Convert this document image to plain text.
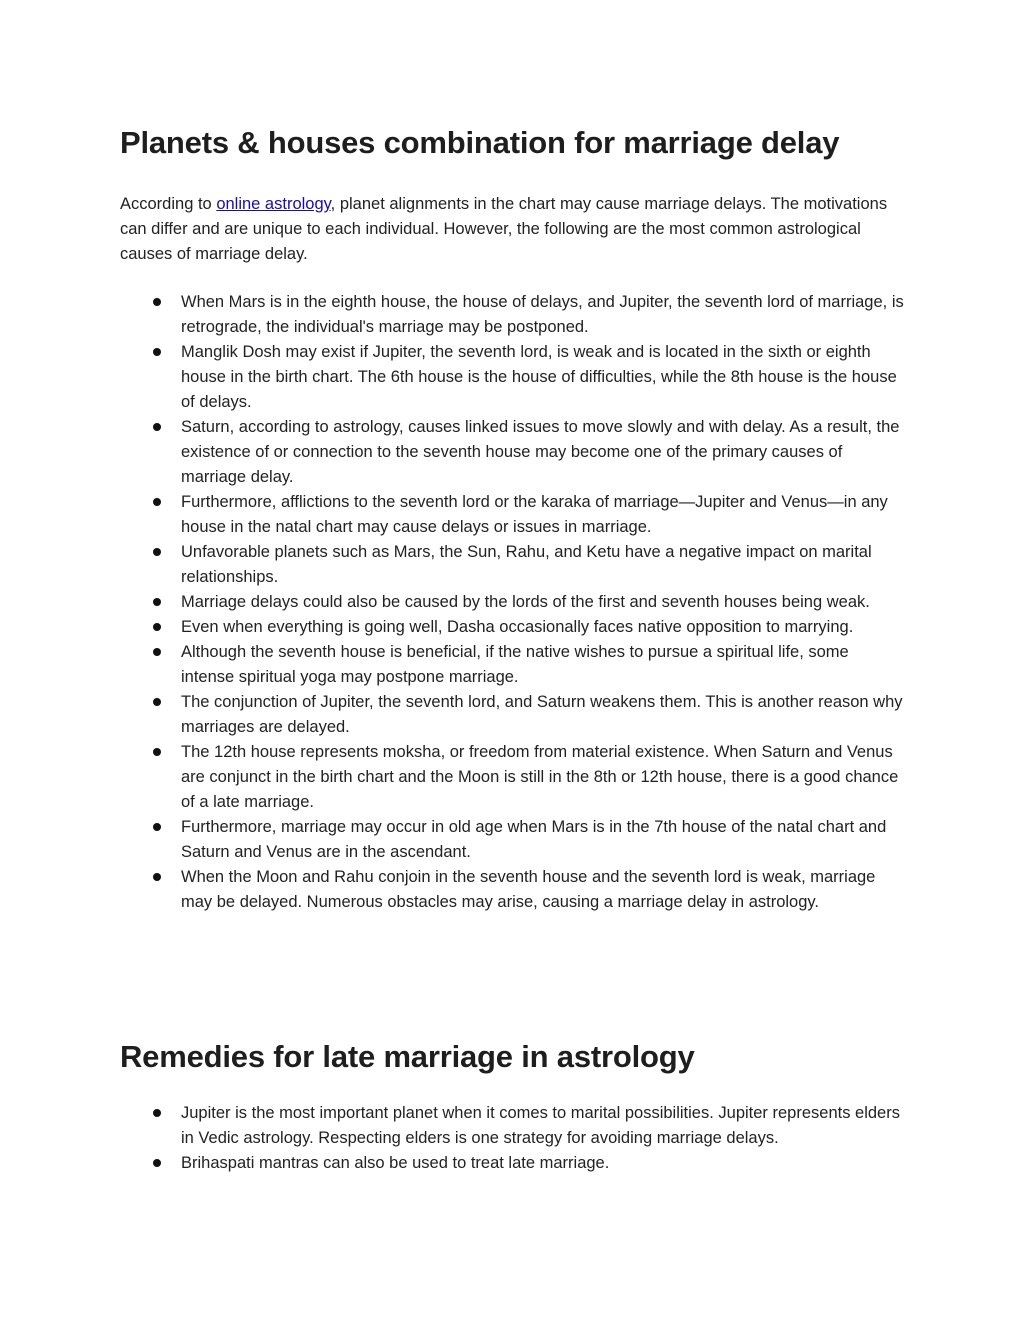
Planets & houses combination for marriage delay

According to online astrology, planet alignments in the chart may cause marriage delays. The motivations can differ and are unique to each individual. However, the following are the most common astrological causes of marriage delay.

When Mars is in the eighth house, the house of delays, and Jupiter, the seventh lord of marriage, is retrograde, the individual's marriage may be postponed.
Manglik Dosh may exist if Jupiter, the seventh lord, is weak and is located in the sixth or eighth house in the birth chart. The 6th house is the house of difficulties, while the 8th house is the house of delays.
Saturn, according to astrology, causes linked issues to move slowly and with delay. As a result, the existence of or connection to the seventh house may become one of the primary causes of marriage delay.
Furthermore, afflictions to the seventh lord or the karaka of marriage—Jupiter and Venus—in any house in the natal chart may cause delays or issues in marriage.
Unfavorable planets such as Mars, the Sun, Rahu, and Ketu have a negative impact on marital relationships.
Marriage delays could also be caused by the lords of the first and seventh houses being weak.
Even when everything is going well, Dasha occasionally faces native opposition to marrying.
Although the seventh house is beneficial, if the native wishes to pursue a spiritual life, some intense spiritual yoga may postpone marriage.
The conjunction of Jupiter, the seventh lord, and Saturn weakens them. This is another reason why marriages are delayed.
The 12th house represents moksha, or freedom from material existence. When Saturn and Venus are conjunct in the birth chart and the Moon is still in the 8th or 12th house, there is a good chance of a late marriage.
Furthermore, marriage may occur in old age when Mars is in the 7th house of the natal chart and Saturn and Venus are in the ascendant.
When the Moon and Rahu conjoin in the seventh house and the seventh lord is weak, marriage may be delayed. Numerous obstacles may arise, causing a marriage delay in astrology.
Remedies for late marriage in astrology
Jupiter is the most important planet when it comes to marital possibilities. Jupiter represents elders in Vedic astrology. Respecting elders is one strategy for avoiding marriage delays.
Brihaspati mantras can also be used to treat late marriage.
